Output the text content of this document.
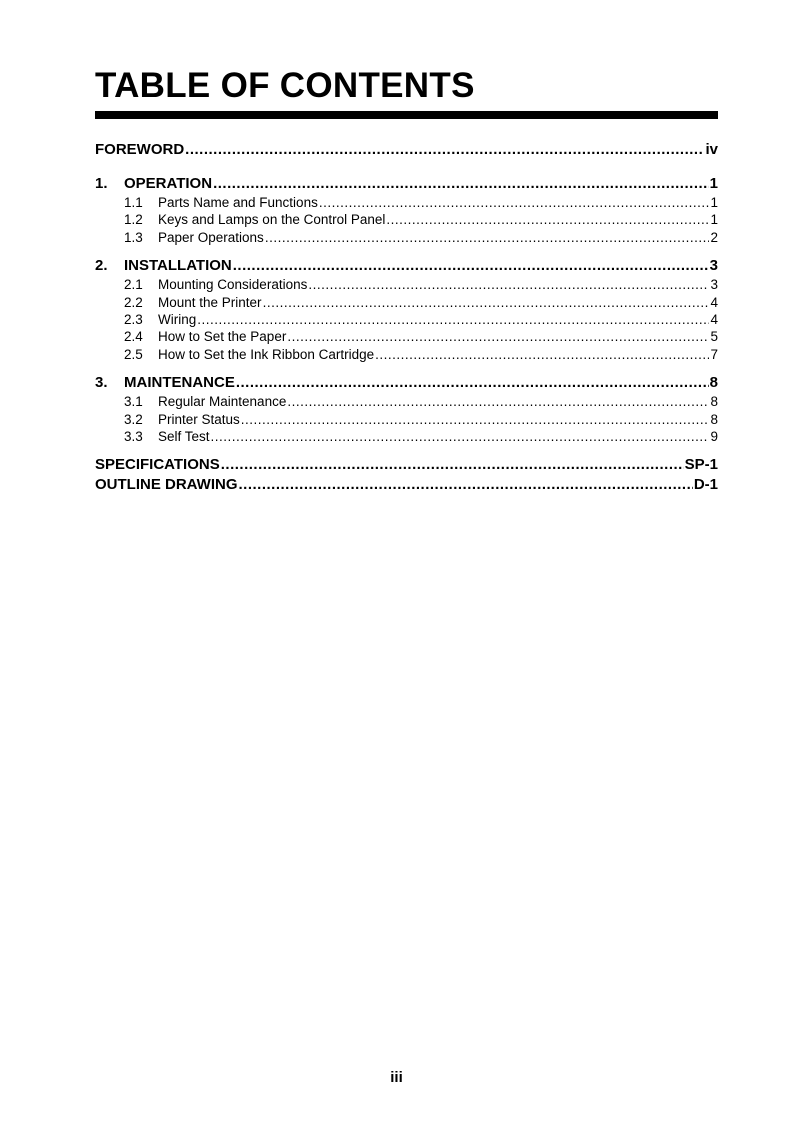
TABLE OF CONTENTS
FOREWORD .....	iv
1. OPERATION .....	1
1.1 Parts Name and Functions .....	1
1.2 Keys and Lamps on the Control Panel .....	1
1.3 Paper Operations .....	2
2. INSTALLATION .....	3
2.1 Mounting Considerations .....	3
2.2 Mount the Printer .....	4
2.3 Wiring .....	4
2.4 How to Set the Paper .....	5
2.5 How to Set the Ink Ribbon Cartridge .....	7
3. MAINTENANCE .....	8
3.1 Regular Maintenance .....	8
3.2 Printer Status .....	8
3.3 Self Test .....	9
SPECIFICATIONS .....	SP-1
OUTLINE DRAWING .....	D-1
iii
